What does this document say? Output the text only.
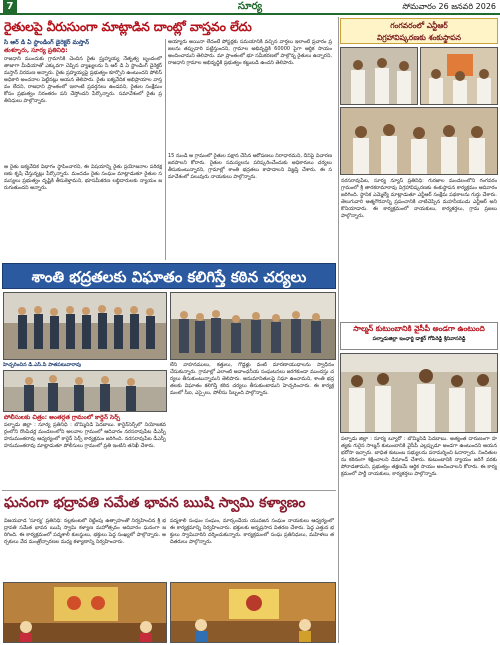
7	సూర్య	సోమవారం 26 జనవరి 2026
రైతులపై వీరుసుంగా మాట్లాడిన దాంట్లో వాస్తవం లేదు
సి ఆర్ డి ఏ స్టాండింగ్ డైరెక్టర్ మస్తాన్
తుళ్ళూరు, సూర్య ప్రతినిధి:
రాజధాని ముందుకు గ్రామానికి చెందిన రైతు ప్రుహ్మయ్య నేతృత్వ బృందంలో తాజాగా మీడియాతో ఎక్కువగా చెప్పిన వ్యాఖ్యలను సి ఆర్ డి ఏ స్టాండింగ్ డైరెక్టర్ మస్తాన్ విరమణ అన్నారు. రైతు ప్రహ్మయ్యపై ప్రభుత్వం కూర్చొని ఉంటుందని పోలిస్ అధికారి అంచనాల పెట్టినట్లు ఆయన తెలిపారు. రైతు ఐక్యవేదిక అభిప్రాయాల వాస్తవం లేదని, రాజధాని ప్రాంతంలో ఇలాంటి ప్రవర్తనలు ఉండవని, రైతుల సంక్షేమం కోసం ప్రభుత్వం నిరంతరం పని చేస్తోందని పేర్కొన్నారు. సమావేశంలో రైతు ప్రతినిధులు పాల్గొన్నారు.
ఆ రైతు ఐక్యవేదిక విభాగం స్థాపించారని, ఈ విషయాన్ని రైతు ప్రయోజనాల పరిరక్షణకు కృషి చేస్తున్నట్లు పేర్కొన్నారు. మందడం రైతు సంఘం మాట్లాడుతూ రైతుల సమస్యలు ప్రభుత్వం దృష్టికి తీసుకెళ్తామని, భూసమీకరణ లబ్ధిదారులకు న్యాయం జరుగుతుందని అన్నారు.
అయ్యారు అయినా లేదంటే పోస్టర్లకు సమయానికి వచ్చిన వార్తలు ఇలాంటి ప్రచారం ప్రజలను తప్పుదారి పట్టిస్తుందని, గ్రామాల అభివృద్ధికి 60000 పైగా ఆర్ధిక సాయం అందించామని తెలిపారు. మా ప్రాంతంలో భూ సమీకరణలో పాల్గొన్న రైతులు ఉన్నారని, రాజధాని గ్రామాల అభివృద్ధికి ప్రభుత్వం కట్టుబడి ఉందని తెలిపారు.
15 నుండి ఆ గ్రామంలో రైతుల పక్షాన చేసిన ఆరోపణలు నిరాధారమని, దీనిపై విచారణ జరపాలని కోరారు. రైతుల సమస్యలను పరిష్కరించేందుకు అధికారులు చర్యలు తీసుకుంటున్నారని, గ్రామాల్లో శాంతి భద్రతలు కాపాడాలని విజ్ఞప్తి చేశారు. ఈ సమావేశంలో పలువురు నాయకులు పాల్గొన్నారు.
శాంతి భద్రతలకు విఘాతం కలిగిస్తే కఠిన చర్యలు
హెచ్చరించిన డీ.ఎస్.పి పాతపటువారావు
పోలీసులకు చిత్రం: అంతర్గత గ్రామంలో కార్డెన్ సెర్చ్
పల్నాడు జిల్లా : సూర్య ప్రతినిధి : బొమ్మినిడి పెదబాబు. కార్డెన్‌సెర్చ్‌లో నియోజకవర్గంలోని రొంపిచర్ల మండలంలోని అలవాల గ్రామంలో ఆదివారం నరసరావుపేట డీఎస్పీ హనుమంతరావు ఆధ్వర్యంలో కార్డెన్ సెర్చ్ కార్యక్రమం జరిగింది. నరసరావుపేట డీఎస్పీ హనుమంతరావు మాట్లాడుతూ పోలీసులు గ్రామంలో ప్రతి ఇంటిని తనిఖీ చేశారు.
లేని వాహనములు, కత్తులు, గొడ్డళ్లు వంటి మారణాయుధాలను స్వాధీనం చేసుకున్నారు. గ్రామాల్లో ఎలాంటి అవాంఛనీయ సంఘటనలు జరగకుండా ముందస్తు చర్యలు తీసుకుంటున్నామని తెలిపారు. అనుమానితులపై నిఘా ఉంచామని, శాంతి భద్రతలకు విఘాతం కలిగిస్తే కఠిన చర్యలు తీసుకుంటామని హెచ్చరించారు. ఈ కార్యక్రమంలో సీఐ, ఎస్సైలు, పోలీసు సిబ్బంది పాల్గొన్నారు.
ఘనంగా భద్రావతి సమేత భావన ఋషి స్వామి కళ్యాణం
విజయవాడ 'సూర్య' ప్రతినిధి: నల్లకుంటలో రెట్టింపు ఉత్సాహంతో నిర్వహించిన శ్రీ భద్రావతి సమేత భావన ఋషి స్వామి కళ్యాణ మహోత్సవం ఆదివారం ఘనంగా జరిగింది. ఈ కార్యక్రమంలో పద్మశాలీ కులస్థులు, భక్తులు పెద్ద సంఖ్యలో పాల్గొన్నారు. అర్చకులు వేద మంత్రోచ్ఛారణల మధ్య కళ్యాణాన్ని నిర్వహించారు.
పద్మశాలీ సంఘం సంఘం, మార్కండేయ యువజన సంఘం నాయకులు ఆధ్వర్యంలో ఈ కార్యక్రమాన్ని నిర్వహించారు. భక్తులకు అన్నప్రసాద వితరణ చేశారు. పెద్ద ఎత్తున భక్తులు స్వామివారిని దర్శించుకున్నారు. కార్యక్రమంలో సంఘ ప్రతినిధులు, మహిళలు తదితరులు పాల్గొన్నారు.
గంగవరంలో ఎన్టీఆర్
విగ్రహావిష్కరణకు శంకుస్థాపన
నరసరావుపేట, సూర్య న్యూస్ ప్రతినిధి: గురజాల మండలంలోని గంగవరం గ్రామంలో శ్రీ తారకరామారావు విగ్రహావిష్కరణకు శంకుస్థాపన కార్యక్రమం ఆదివారం జరిగింది. స్థానిక ఎమ్మెల్యే మాట్లాడుతూ ఎన్టీఆర్ సంక్షేమ పథకాలను గుర్తు చేశారు. తెలుగువారి ఆత్మగౌరవాన్ని ప్రపంచానికి చాటిచెప్పిన మహనీయుడు ఎన్టీఆర్ అని కొనియాడారు. ఈ కార్యక్రమంలో నాయకులు, కార్యకర్తలు, గ్రామ ప్రజలు పాల్గొన్నారు.
సాల్మన్ కుటుంబానికి వైసీపీ అండగా ఉంటుంది
పల్నాడుజిల్లా ఇంఛార్జి డాక్టర్ గోపిరెడ్డి శ్రీనివాసరెడ్డి
పల్నాడు జిల్లా : సూర్య బ్యూరో : బొమ్మినిడి పెదబాబు. అత్యంత దారుణంగా హత్యకు గురైన సాల్మన్ కుటుంబానికి వైసీపీ ఎల్లప్పుడూ అండగా ఉంటుందని ఆయన భరోసా ఇచ్చారు. బాధిత కుటుంబ సభ్యులను పరామర్శించి ఓదార్చారు. నిందితులను కఠినంగా శిక్షించాలని డిమాండ్ చేశారు. కుటుంబానికి న్యాయం జరిగే వరకు పోరాడతామని, ప్రభుత్వం తక్షణమే ఆర్థిక సాయం అందించాలని కోరారు. ఈ కార్యక్రమంలో పార్టీ నాయకులు, కార్యకర్తలు పాల్గొన్నారు.
